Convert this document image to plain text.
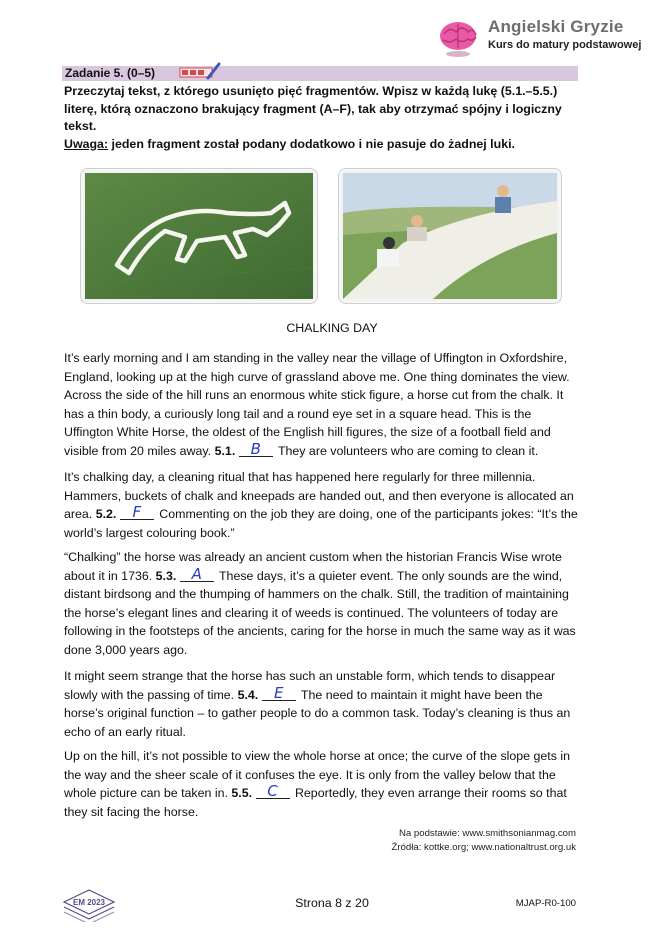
Angielski Gryzie
Kurs do matury podstawowej
Zadanie 5. (0–5)
Przeczytaj tekst, z którego usunięto pięć fragmentów. Wpisz w każdą lukę (5.1.–5.5.) literę, którą oznaczono brakujący fragment (A–F), tak aby otrzymać spójny i logiczny tekst.
Uwaga: jeden fragment został podany dodatkowo i nie pasuje do żadnej luki.
CHALKING DAY
It’s early morning and I am standing in the valley near the village of Uffington in Oxfordshire, England, looking up at the high curve of grassland above me. One thing dominates the view. Across the side of the hill runs an enormous white stick figure, a horse cut from the chalk. It has a thin body, a curiously long tail and a round eye set in a square head. This is the Uffington White Horse, the oldest of the English hill figures, the size of a football field and visible from 20 miles away. 5.1.	B	They are volunteers who are coming to clean it.
It’s chalking day, a cleaning ritual that has happened here regularly for three millennia. Hammers, buckets of chalk and kneepads are handed out, and then everyone is allocated an area. 5.2.	F	Commenting on the job they are doing, one of the participants jokes: “It’s the world’s largest colouring book.”
“Chalking” the horse was already an ancient custom when the historian Francis Wise wrote about it in 1736. 5.3.	A	These days, it’s a quieter event. The only sounds are the wind, distant birdsong and the thumping of hammers on the chalk. Still, the tradition of maintaining the horse’s elegant lines and clearing it of weeds is continued. The volunteers of today are following in the footsteps of the ancients, caring for the horse in much the same way as it was done 3,000 years ago.
It might seem strange that the horse has such an unstable form, which tends to disappear slowly with the passing of time. 5.4.	E	The need to maintain it might have been the horse’s original function – to gather people to do a common task. Today’s cleaning is thus an echo of an early ritual.
Up on the hill, it’s not possible to view the whole horse at once; the curve of the slope gets in the way and the sheer scale of it confuses the eye. It is only from the valley below that the whole picture can be taken in. 5.5.	C	Reportedly, they even arrange their rooms so that they sit facing the horse.
Na podstawie: www.smithsonianmag.com
Źródła: kottke.org; www.nationaltrust.org.uk
EM 2023	Strona 8 z 20	MJAP-R0-100
